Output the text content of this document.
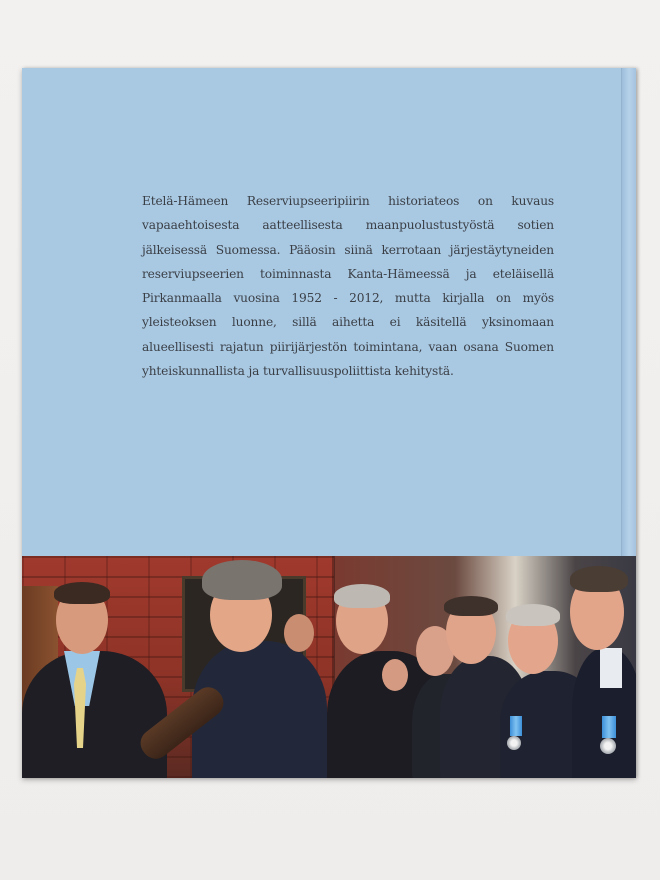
Etelä-Hämeen Reserviupseeripiirin historiateos on kuvaus vapaaehtoisesta aatteellisesta maanpuolustustyöstä sotien jälkeisessä Suomessa. Pääosin siinä kerrotaan järjestäytyneiden reserviupseerien toiminnasta Kanta-Hämeessä ja eteläisellä Pirkanmaalla vuosina 1952 - 2012, mutta kirjalla on myös yleisteoksen luonne, sillä aihetta ei käsitellä yksinomaan alueellisesti rajatun piirijärjestön toimintana, vaan osana Suomen yhteiskunnallista ja turvallisuuspoliittista kehitystä.
